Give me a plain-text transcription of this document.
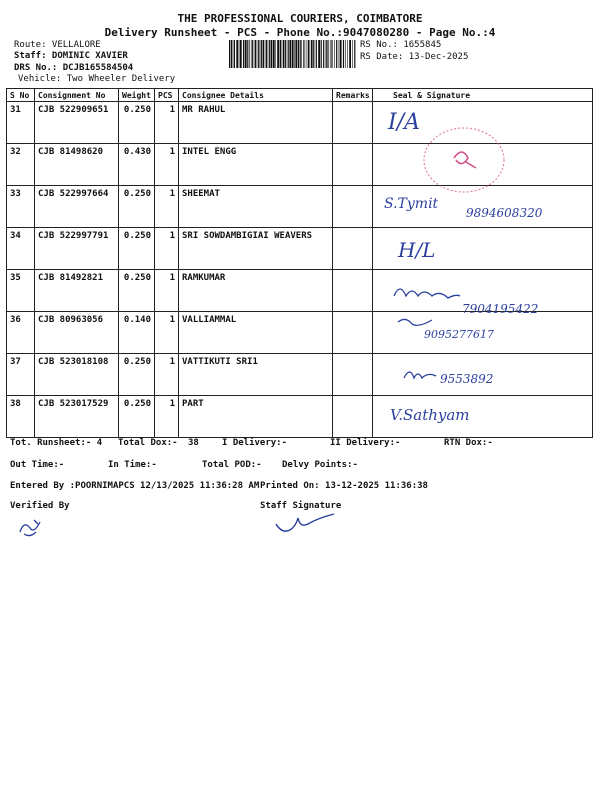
THE PROFESSIONAL COURIERS, COIMBATORE
Delivery Runsheet - PCS - Phone No.:9047080280 - Page No.:4
Route: VELLALORE
Staff: DOMINIC XAVIER
DRS No.: DCJB165584504
Vehicle: Two Wheeler Delivery
RS No.: 1655845
RS Date: 13-Dec-2025
S No	Consignment No	Weight	PCS	Consignee Details	Remarks	Seal & Signature
31	CJB 522909651	0.250	1	MR RAHUL		
32	CJB 81498620	0.430	1	INTEL ENGG		
33	CJB 522997664	0.250	1	SHEEMAT		
34	CJB 522997791	0.250	1	SRI SOWDAMBIGIAI WEAVERS		
35	CJB 81492821	0.250	1	RAMKUMAR		
36	CJB 80963056	0.140	1	VALLIAMMAL		
37	CJB 523018108	0.250	1	VATTIKUTI SRI1		
38	CJB 523017529	0.250	1	PART		
I/A
S.Tymit
9894608320
H/L
7904195422
9095277617
9553892
V.Sathyam
Tot. Runsheet:- 4 Total Dox:- 38	I Delivery:-	II Delivery:-	RTN Dox:-
Out Time:-	In Time:-	Total POD:- Delvy Points:-
Entered By :POORNIMAPCS 12/13/2025 11:36:28 AM Printed On: 13-12-2025 11:36:38
Verified By	Staff Signature
